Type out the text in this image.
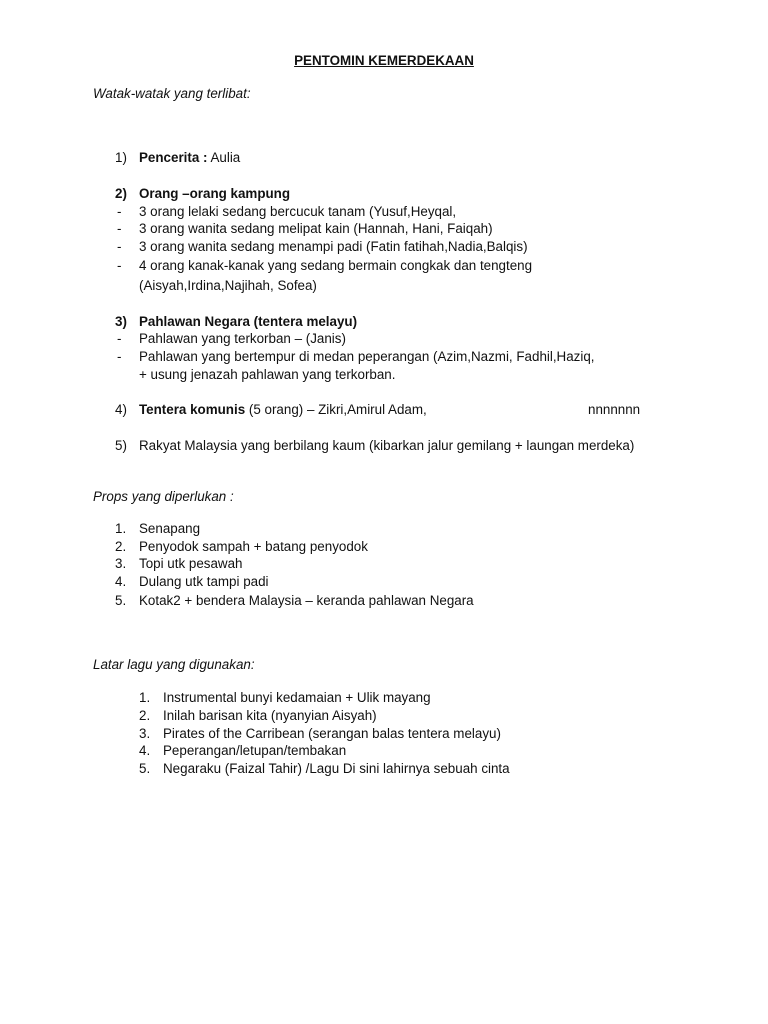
PENTOMIN KEMERDEKAAN
Watak-watak yang terlibat:
1) Pencerita : Aulia
2) Orang –orang kampung
- 3 orang lelaki sedang bercucuk tanam (Yusuf,Heyqal,
- 3 orang wanita sedang melipat kain (Hannah, Hani, Faiqah)
- 3 orang wanita sedang menampi padi (Fatin fatihah,Nadia,Balqis)
- 4 orang kanak-kanak yang sedang bermain congkak dan tengteng
(Aisyah,Irdina,Najihah, Sofea)
3) Pahlawan Negara (tentera melayu)
- Pahlawan yang terkorban – (Janis)
- Pahlawan yang bertempur di medan peperangan (Azim,Nazmi, Fadhil,Haziq,
+ usung jenazah pahlawan yang terkorban.
4) Tentera komunis (5 orang) – Zikri,Amirul Adam,	nnnnnnn
5) Rakyat Malaysia yang berbilang kaum (kibarkan jalur gemilang + laungan merdeka)
Props yang diperlukan :
1. Senapang
2. Penyodok sampah + batang penyodok
3. Topi utk pesawah
4. Dulang utk tampi padi
5. Kotak2 + bendera Malaysia – keranda pahlawan Negara
Latar lagu yang digunakan:
1. Instrumental bunyi kedamaian + Ulik mayang
2. Inilah barisan kita (nyanyian Aisyah)
3. Pirates of the Carribean (serangan balas tentera melayu)
4. Peperangan/letupan/tembakan
5. Negaraku (Faizal Tahir) /Lagu Di sini lahirnya sebuah cinta
